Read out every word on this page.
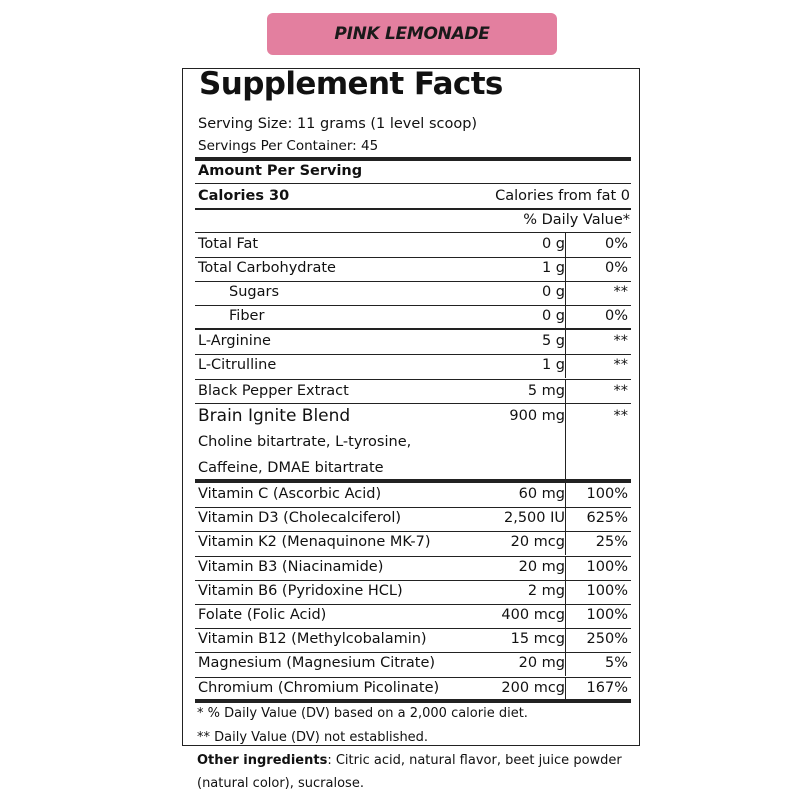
PINK LEMONADE
Supplement Facts
Serving Size: 11 grams (1 level scoop)
Servings Per Container: 45
Amount Per Serving
Calories 30	Calories from fat 0
% Daily Value*
Total Fat	0 g	0%
Total Carbohydrate	1 g	0%
Sugars	0 g	**
Fiber	0 g	0%
L-Arginine	5 g	**
L-Citrulline	1 g	**
Black Pepper Extract	5 mg	**
Brain Ignite Blend	900 mg	**
Choline bitartrate, L-tyrosine,
Caffeine, DMAE bitartrate
Vitamin C (Ascorbic Acid)	60 mg 100%
Vitamin D3 (Cholecalciferol)	2,500 IU 625%
Vitamin K2 (Menaquinone MK-7)	20 mcg 25%
Vitamin B3 (Niacinamide)	20 mg 100%
Vitamin B6 (Pyridoxine HCL)	2 mg 100%
Folate (Folic Acid)	400 mcg 100%
Vitamin B12 (Methylcobalamin)	15 mcg 250%
Magnesium (Magnesium Citrate)	20 mg	5%
Chromium (Chromium Picolinate)	200 mcg 167%
* % Daily Value (DV) based on a 2,000 calorie diet.
** Daily Value (DV) not established.
Other ingredients: Citric acid, natural flavor, beet juice powder
(natural color), sucralose.
